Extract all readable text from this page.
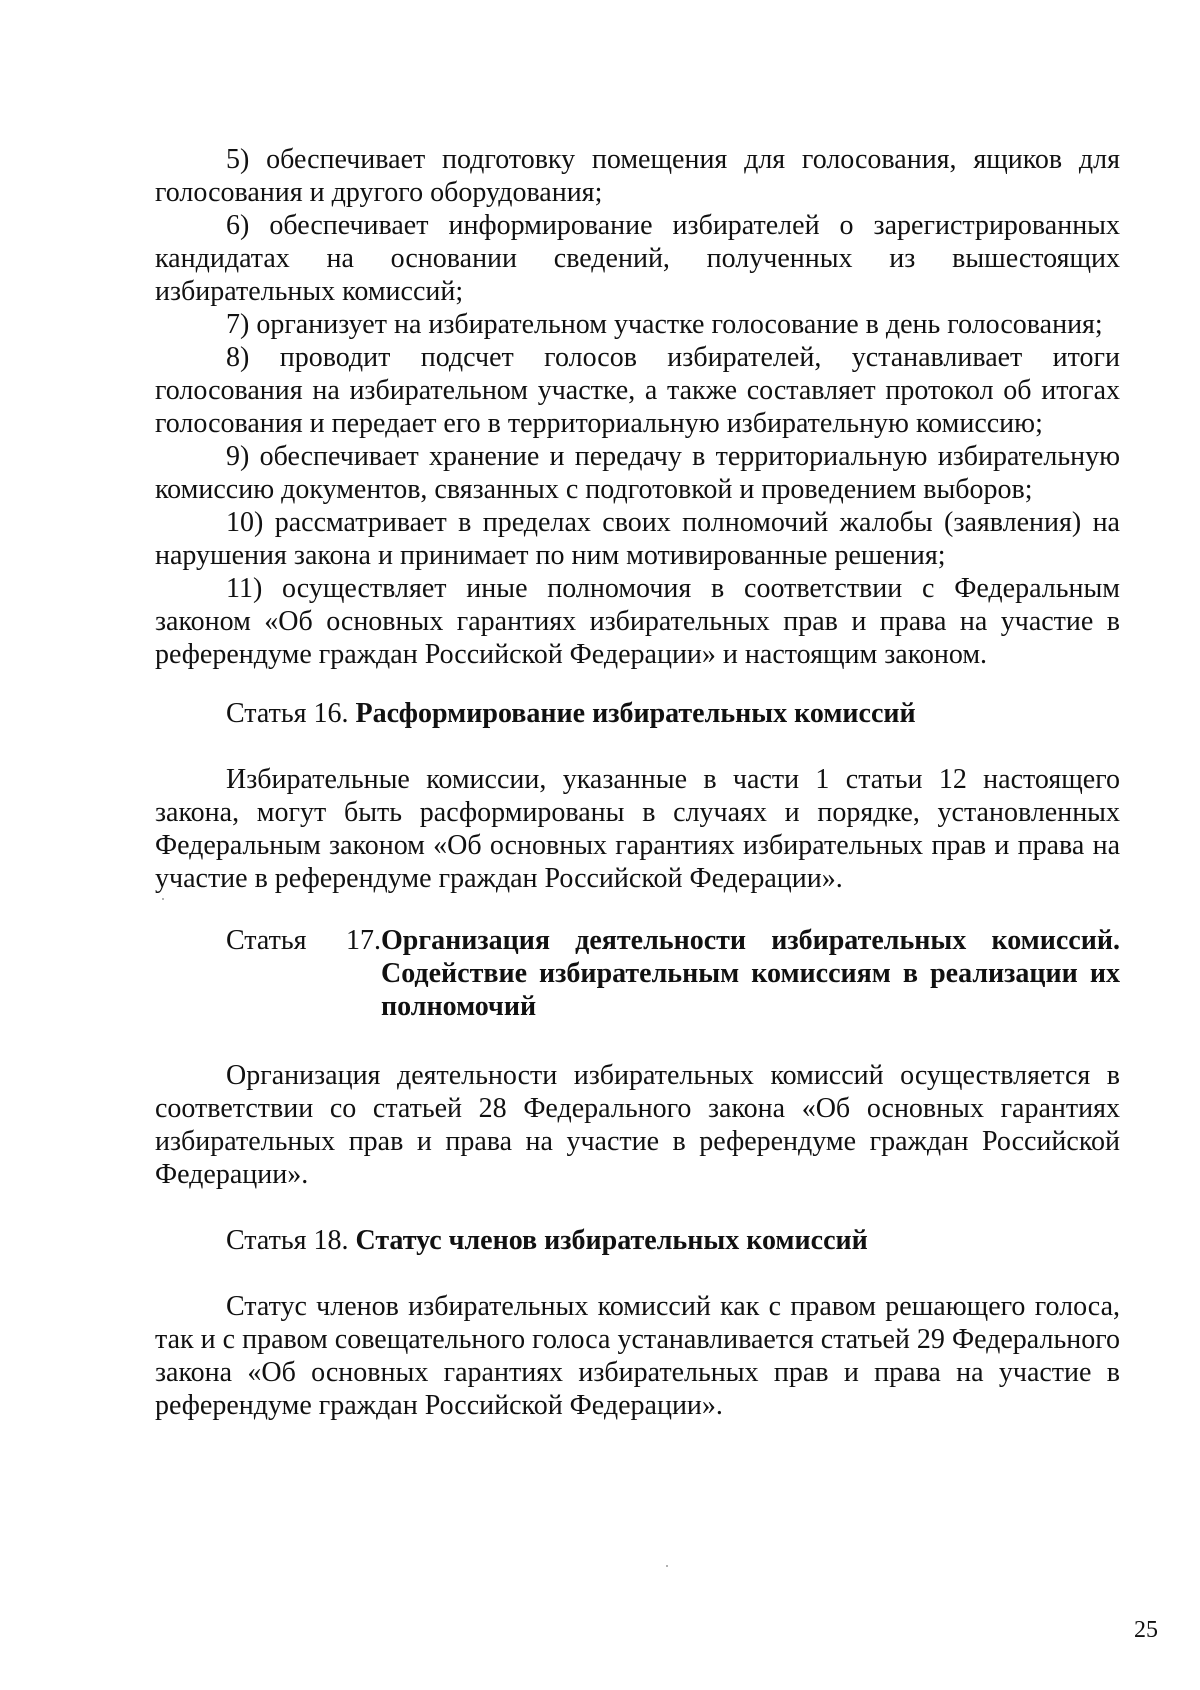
5) обеспечивает подготовку помещения для голосования, ящиков для голосования и другого оборудования;

6) обеспечивает информирование избирателей о зарегистрированных кандидатах на основании сведений, полученных из вышестоящих избирательных комиссий;

7) организует на избирательном участке голосование в день голосования;

8) проводит подсчет голосов избирателей, устанавливает итоги голосования на избирательном участке, а также составляет протокол об итогах голосования и передает его в территориальную избирательную комиссию;

9) обеспечивает хранение и передачу в территориальную избирательную комиссию документов, связанных с подготовкой и проведением выборов;

10) рассматривает в пределах своих полномочий жалобы (заявления) на нарушения закона и принимает по ним мотивированные решения;

11) осуществляет иные полномочия в соответствии с Федеральным законом «Об основных гарантиях избирательных прав и права на участие в референдуме граждан Российской Федерации» и настоящим законом.

Статья 16. Расформирование избирательных комиссий

Избирательные комиссии, указанные в части 1 статьи 12 настоящего закона, могут быть расформированы в случаях и порядке, установленных Федеральным законом «Об основных гарантиях избирательных прав и права на участие в референдуме граждан Российской Федерации».

Статья 17. Организация деятельности избирательных комиссий. Содействие избирательным комиссиям в реализации их полномочий

Организация деятельности избирательных комиссий осуществляется в соответствии со статьей 28 Федерального закона «Об основных гарантиях избирательных прав и права на участие в референдуме граждан Российской Федерации».

Статья 18. Статус членов избирательных комиссий

Статус членов избирательных комиссий как с правом решающего голоса, так и с правом совещательного голоса устанавливается статьей 29 Федерального закона «Об основных гарантиях избирательных прав и права на участие в референдуме граждан Российской Федерации».

25
